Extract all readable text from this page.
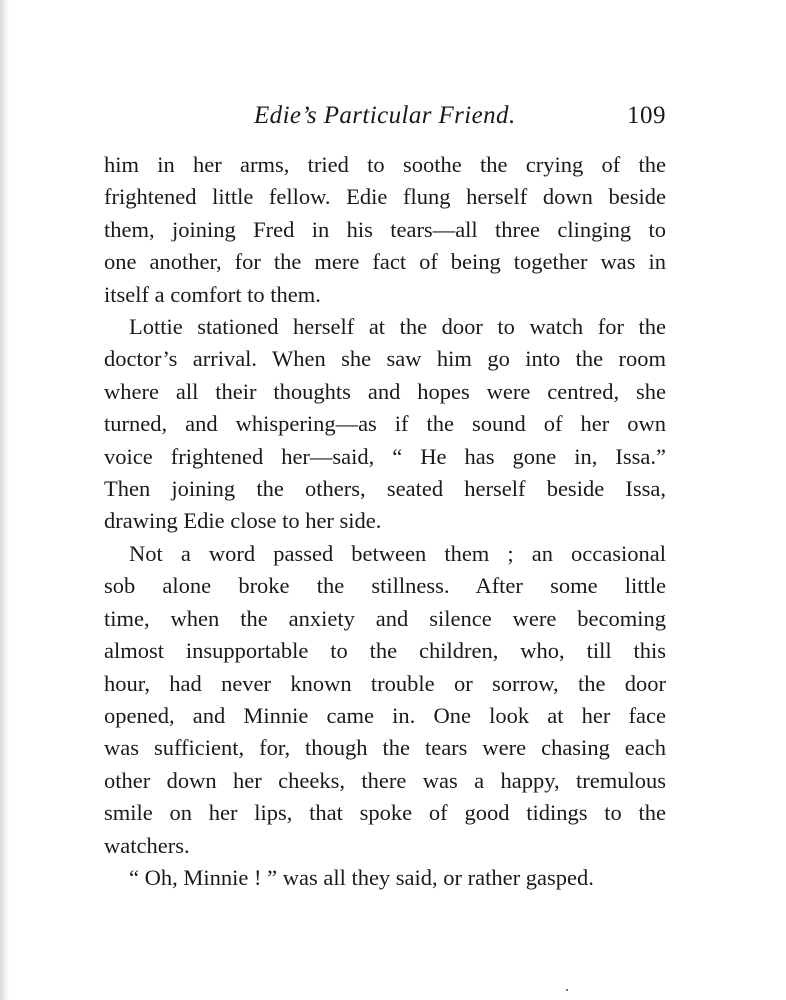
Edie’s Particular Friend.	109
him in her arms, tried to soothe the crying of the
frightened little fellow. Edie flung herself down beside
them, joining Fred in his tears—all three clinging to
one another, for the mere fact of being together was in
itself a comfort to them.
Lottie stationed herself at the door to watch for the
doctor’s arrival. When she saw him go into the room
where all their thoughts and hopes were centred, she
turned, and whispering—as if the sound of her own
voice frightened her—said, “ He has gone in, Issa.”
Then joining the others, seated herself beside Issa,
drawing Edie close to her side.
Not a word passed between them ; an occasional
sob alone broke the stillness. After some little
time, when the anxiety and silence were becoming
almost insupportable to the children, who, till this
hour, had never known trouble or sorrow, the door
opened, and Minnie came in. One look at her face
was sufficient, for, though the tears were chasing each
other down her cheeks, there was a happy, tremulous
smile on her lips, that spoke of good tidings to the
watchers.
“ Oh, Minnie ! ” was all they said, or rather gasped.
